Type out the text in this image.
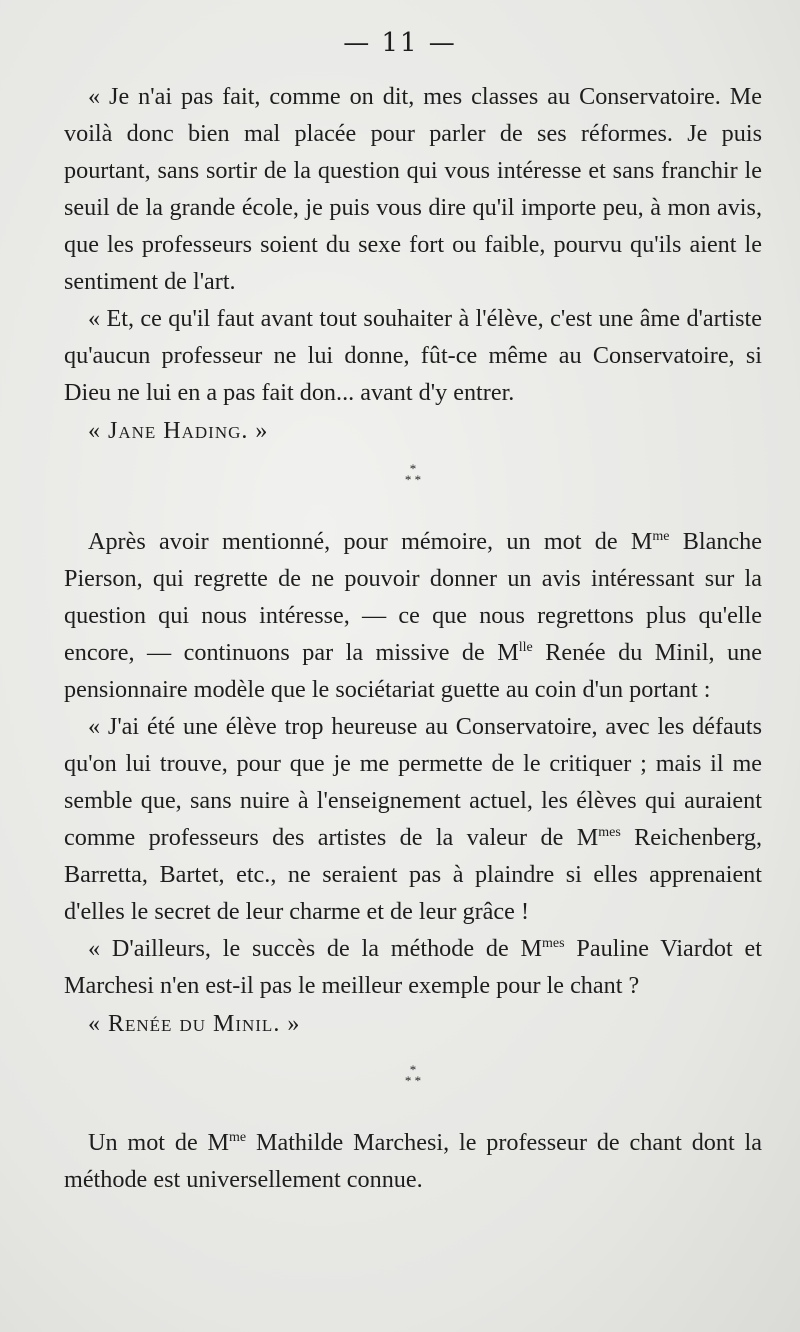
— 11 —

« Je n'ai pas fait, comme on dit, mes classes au Conservatoire. Me voilà donc bien mal placée pour parler de ses réformes. Je puis pourtant, sans sortir de la question qui vous intéresse et sans franchir le seuil de la grande école, je puis vous dire qu'il importe peu, à mon avis, que les professeurs soient du sexe fort ou faible, pourvu qu'ils aient le sentiment de l'art.

« Et, ce qu'il faut avant tout souhaiter à l'élève, c'est une âme d'artiste qu'aucun professeur ne lui donne, fût-ce même au Conservatoire, si Dieu ne lui en a pas fait don... avant d'y entrer.

« Jane Hading. »

*
* *

Après avoir mentionné, pour mémoire, un mot de $M^{me}$ Blanche Pierson, qui regrette de ne pouvoir donner un avis intéressant sur la question qui nous intéresse, — ce que nous regrettons plus qu'elle encore, — continuons par la missive de $M^{lle}$ Renée du Minil, une pensionnaire modèle que le sociétariat guette au coin d'un portant :

« J'ai été une élève trop heureuse au Conservatoire, avec les défauts qu'on lui trouve, pour que je me permette de le critiquer ; mais il me semble que, sans nuire à l'enseignement actuel, les élèves qui auraient comme professeurs des artistes de la valeur de $M^{mes}$ Reichenberg, Barretta, Bartet, etc., ne seraient pas à plaindre si elles apprenaient d'elles le secret de leur charme et de leur grâce !

« D'ailleurs, le succès de la méthode de $M^{mes}$ Pauline Viardot et Marchesi n'en est-il pas le meilleur exemple pour le chant ?

« Renée du Minil. »

*
* *

Un mot de $M^{me}$ Mathilde Marchesi, le professeur de chant dont la méthode est universellement connue.
